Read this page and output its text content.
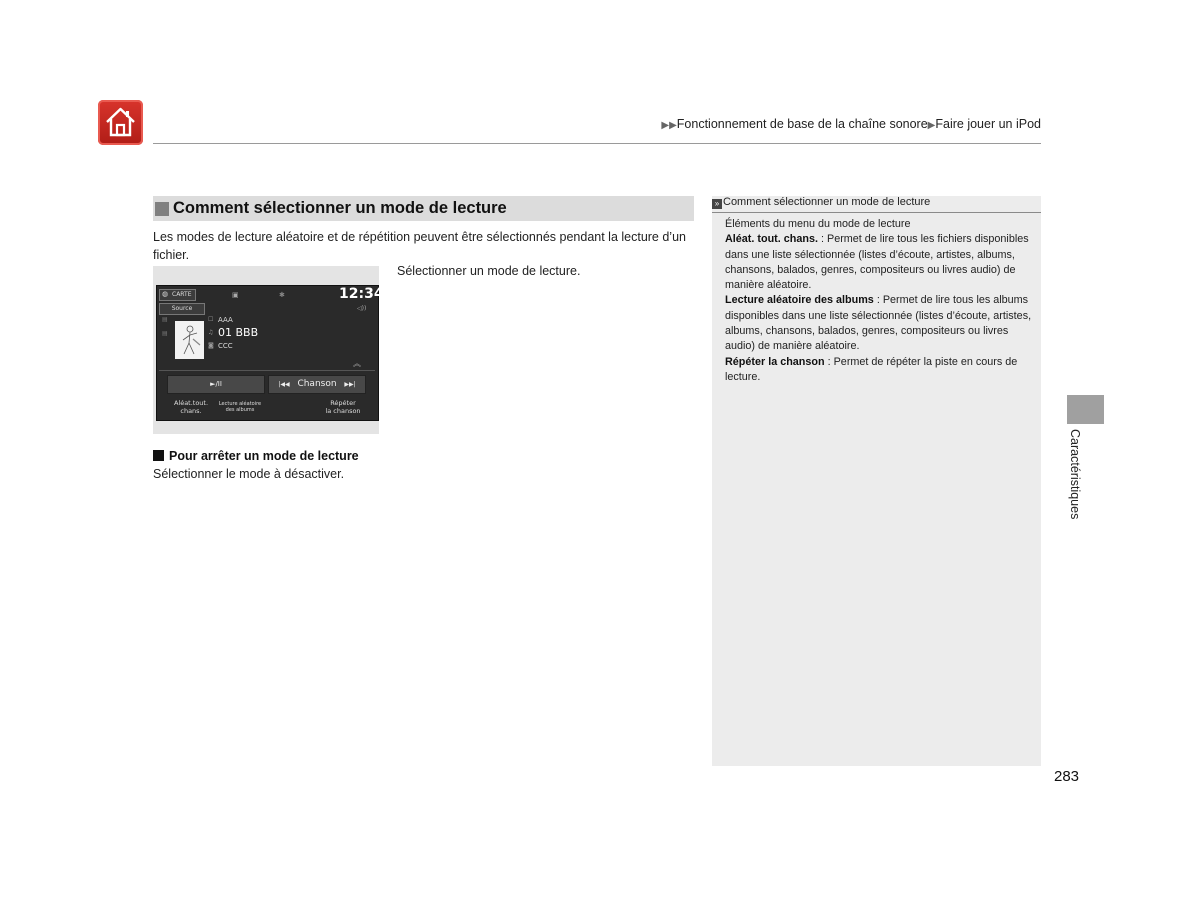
▶▶Fonctionnement de base de la chaîne sonore▶Faire jouer un iPod
Comment sélectionner un mode de lecture
Les modes de lecture aléatoire et de répétition peuvent être sélectionnés pendant la lecture d’un fichier.
Sélectionner un mode de lecture.
◍ CARTE	▣	✱	12:34
Source	◁))
▤
▤
☐ AAA
♫ 01 BBB
◙ CCC
︽
►/II	|◀◀ Chanson ▶▶|
Aléat.tout.
chans.
Lecture aléatoire
des albums
Répéter
la chanson
Pour arrêter un mode de lecture
Sélectionner le mode à désactiver.
» Comment sélectionner un mode de lecture
Éléments du menu du mode de lecture
Aléat. tout. chans. : Permet de lire tous les fichiers disponibles dans une liste sélectionnée (listes d’écoute, artistes, albums, chansons, balados, genres, compositeurs ou livres audio) de manière aléatoire.
Lecture aléatoire des albums : Permet de lire tous les albums disponibles dans une liste sélectionnée (listes d’écoute, artistes, albums, chansons, balados, genres, compositeurs ou livres audio) de manière aléatoire.
Répéter la chanson : Permet de répéter la piste en cours de lecture.
Caractéristiques
283
